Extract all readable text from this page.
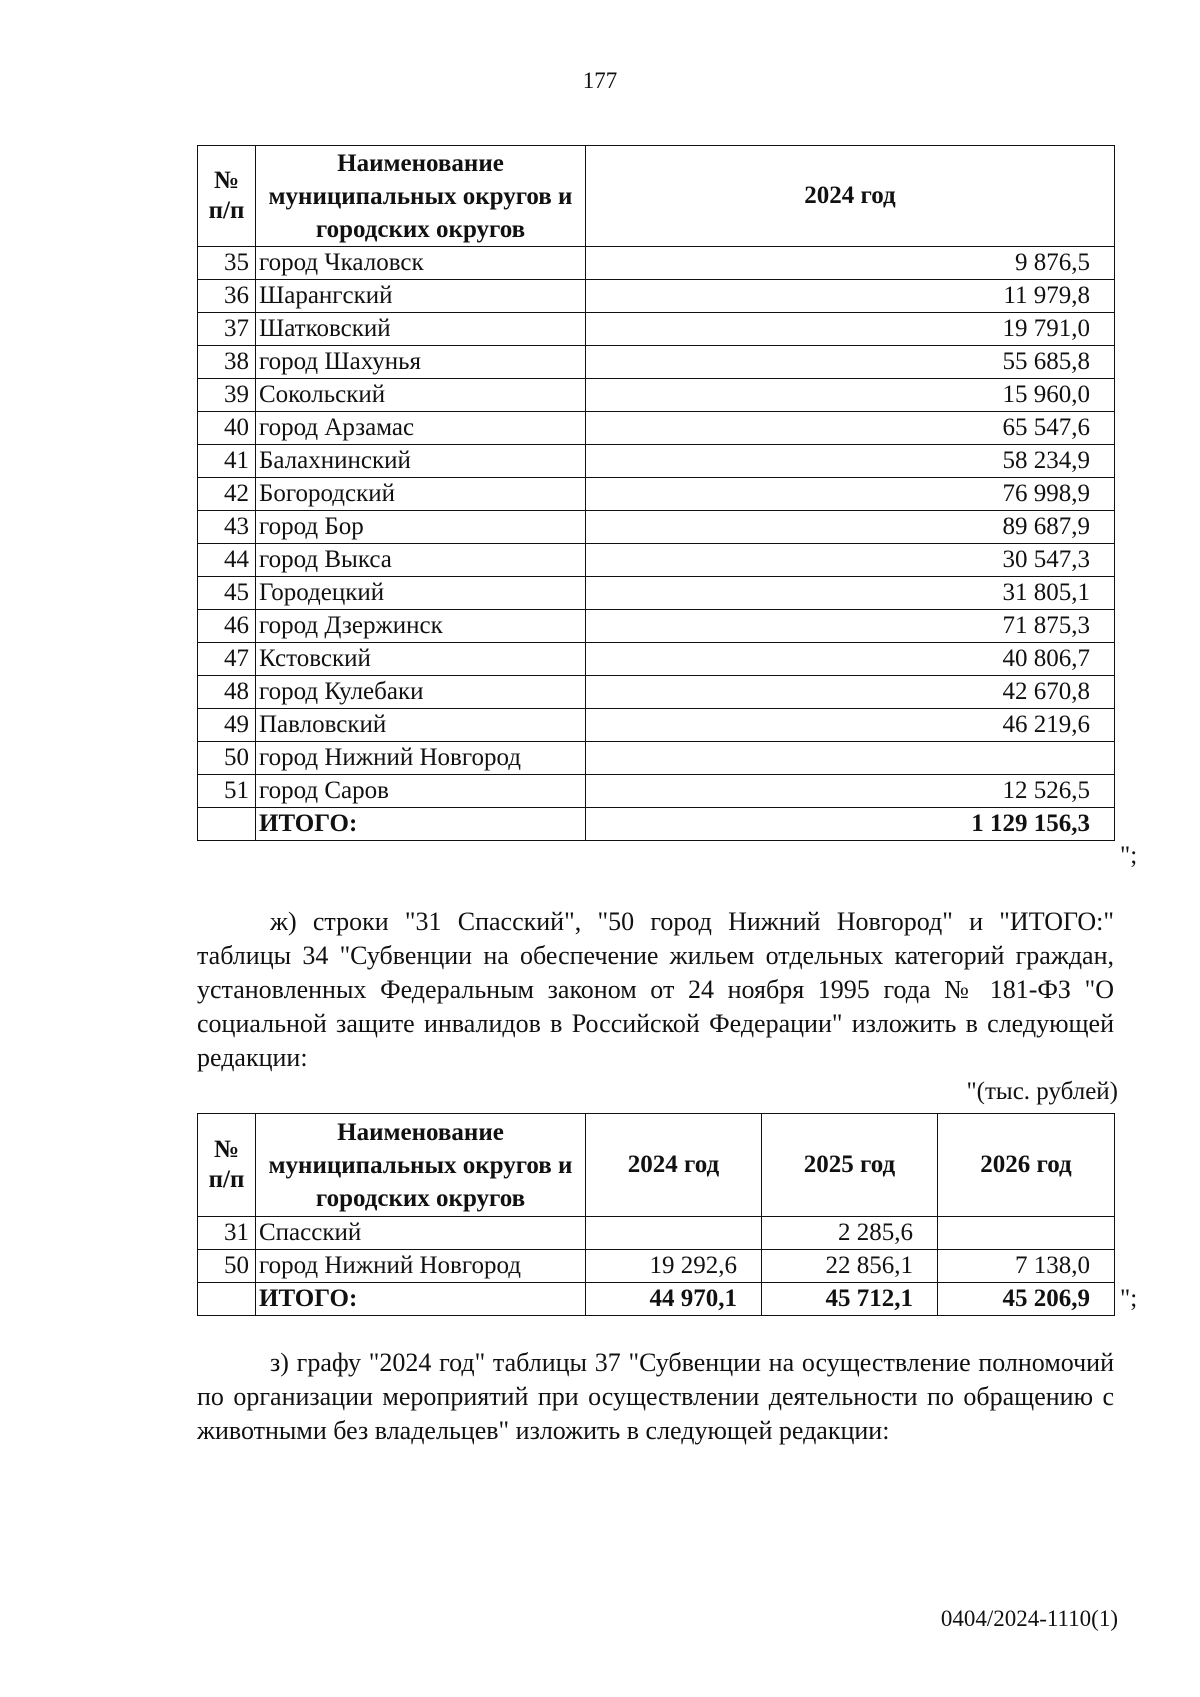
177
№ п/п	Наименование муниципальных округов и городских округов	2024 год
35	город Чкаловск	9 876,5
36	Шарангский	11 979,8
37	Шатковский	19 791,0
38	город Шахунья	55 685,8
39	Сокольский	15 960,0
40	город Арзамас	65 547,6
41	Балахнинский	58 234,9
42	Богородский	76 998,9
43	город Бор	89 687,9
44	город Выкса	30 547,3
45	Городецкий	31 805,1
46	город Дзержинск	71 875,3
47	Кстовский	40 806,7
48	город Кулебаки	42 670,8
49	Павловский	46 219,6
50	город Нижний Новгород	
51	город Саров	12 526,5
	ИТОГО:	1 129 156,3
";
ж) строки "31 Спасский", "50 город Нижний Новгород" и "ИТОГО:" таблицы 34 "Субвенции на обеспечение жильем отдельных категорий граждан, установленных Федеральным законом от 24 ноября 1995 года № 181-ФЗ "О социальной защите инвалидов в Российской Федерации" изложить в следующей редакции:
"(тыс. рублей)
№ п/п	Наименование муниципальных округов и городских округов	2024 год	2025 год	2026 год
31	Спасский		2 285,6	
50	город Нижний Новгород	19 292,6	22 856,1	7 138,0
	ИТОГО:	44 970,1	45 712,1	45 206,9 ";
з) графу "2024 год" таблицы 37 "Субвенции на осуществление полномочий по организации мероприятий при осуществлении деятельности по обращению с животными без владельцев" изложить в следующей редакции:
0404/2024-1110(1)
